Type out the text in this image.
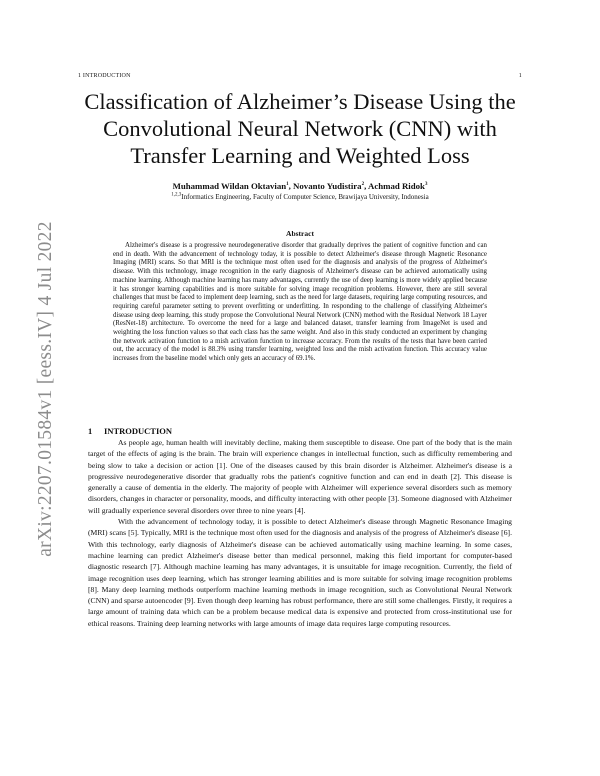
1 INTRODUCTION	1
arXiv:2207.01584v1 [eess.IV] 4 Jul 2022
Classification of Alzheimer’s Disease Using the Convolutional Neural Network (CNN) with Transfer Learning and Weighted Loss
Muhammad Wildan Oktavian$^1$, Novanto Yudistira$^2$, Achmad Ridok$^3$
$^{1,2,3}$Informatics Engineering, Faculty of Computer Science, Brawijaya University, Indonesia
Abstract

Alzheimer's disease is a progressive neurodegenerative disorder that gradually deprives the patient of cognitive function and can end in death. With the advancement of technology today, it is possible to detect Alzheimer's disease through Magnetic Resonance Imaging (MRI) scans. So that MRI is the technique most often used for the diagnosis and analysis of the progress of Alzheimer's disease. With this technology, image recognition in the early diagnosis of Alzheimer's disease can be achieved automatically using machine learning. Although machine learning has many advantages, currently the use of deep learning is more widely applied because it has stronger learning capabilities and is more suitable for solving image recognition problems. However, there are still several challenges that must be faced to implement deep learning, such as the need for large datasets, requiring large computing resources, and requiring careful parameter setting to prevent overfitting or underfitting. In responding to the challenge of classifying Alzheimer's disease using deep learning, this study propose the Convolutional Neural Network (CNN) method with the Residual Network 18 Layer (ResNet-18) architecture. To overcome the need for a large and balanced dataset, transfer learning from ImageNet is used and weighting the loss function values so that each class has the same weight. And also in this study conducted an experiment by changing the network activation function to a mish activation function to increase accuracy. From the results of the tests that have been carried out, the accuracy of the model is 88.3% using transfer learning, weighted loss and the mish activation function. This accuracy value increases from the baseline model which only gets an accuracy of 69.1%.

1 INTRODUCTION

As people age, human health will inevitably decline, making them susceptible to disease. One part of the body that is the main target of the effects of aging is the brain. The brain will experience changes in intellectual function, such as difficulty remembering and being slow to take a decision or action [1]. One of the diseases caused by this brain disorder is Alzheimer. Alzheimer's disease is a progressive neurodegenerative disorder that gradually robs the patient's cognitive function and can end in death [2]. This disease is generally a cause of dementia in the elderly. The majority of people with Alzheimer will experience several disorders such as memory disorders, changes in character or personality, moods, and difficulty interacting with other people [3]. Someone diagnosed with Alzheimer will gradually experience several disorders over three to nine years [4].

With the advancement of technology today, it is possible to detect Alzheimer's disease through Magnetic Resonance Imaging (MRI) scans [5]. Typically, MRI is the technique most often used for the diagnosis and analysis of the progress of Alzheimer's disease [6]. With this technology, early diagnosis of Alzheimer's disease can be achieved automatically using machine learning. In some cases, machine learning can predict Alzheimer's disease better than medical personnel, making this field important for computer-based diagnostic research [7]. Although machine learning has many advantages, it is unsuitable for image recognition. Currently, the field of image recognition uses deep learning, which has stronger learning abilities and is more suitable for solving image recognition problems [8]. Many deep learning methods outperform machine learning methods in image recognition, such as Convolutional Neural Network (CNN) and sparse autoencoder [9]. Even though deep learning has robust performance, there are still some challenges. Firstly, it requires a large amount of training data which can be a problem because medical data is expensive and protected from cross-institutional use for ethical reasons. Training deep learning networks with large amounts of image data requires large computing resources.
